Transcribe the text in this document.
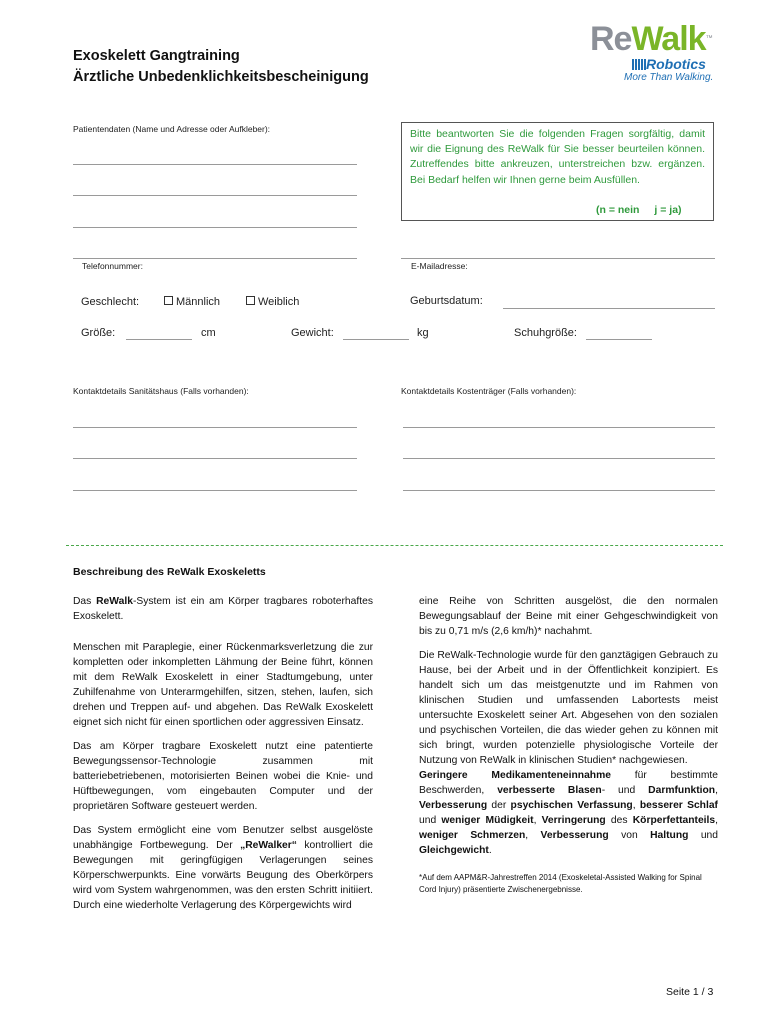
Exoskelett Gangtraining
Ärztliche Unbedenklichkeitsbescheinigung
ReWalk™
Robotics
More Than Walking.
Patientendaten (Name und Adresse oder Aufkleber):	Bitte beantworten Sie die folgenden Fragen sorgfältig, damit wir die Eignung des ReWalk für Sie besser beurteilen können. Zutreffendes bitte ankreuzen, unterstreichen bzw. ergänzen. Bei Bedarf helfen wir Ihnen gerne beim Ausfüllen.
(n = nein j = ja)
Telefonnummer:	E-Mailadresse:
Geschlecht:	Männlich	Weiblich	Geburtsdatum:
Größe:	cm	Gewicht:	kg	Schuhgröße:
Kontaktdetails Sanitätshaus (Falls vorhanden):	Kontaktdetails Kostenträger (Falls vorhanden):
Beschreibung des ReWalk Exoskeletts

Das ReWalk-System ist ein am Körper tragbares roboterhaftes Exoskelett.

Menschen mit Paraplegie, einer Rückenmarksverletzung die zur kompletten oder inkompletten Lähmung der Beine führt, können mit dem ReWalk Exoskelett in einer Stadtumgebung, unter Zuhilfenahme von Unterarmgehilfen, sitzen, stehen, laufen, sich drehen und Treppen auf- und abgehen. Das ReWalk Exoskelett eignet sich nicht für einen sportlichen oder aggressiven Einsatz.

Das am Körper tragbare Exoskelett nutzt eine patentierte Bewegungssensor-Technologie zusammen mit batteriebetriebenen, motorisierten Beinen wobei die Knie- und Hüftbewegungen, vom eingebauten Computer und der proprietären Software gesteuert werden.

Das System ermöglicht eine vom Benutzer selbst ausgelöste unabhängige Fortbewegung. Der „ReWalker“ kontrolliert die Bewegungen mit geringfügigen Verlagerungen seines Körperschwerpunkts. Eine vorwärts Beugung des Oberkörpers wird vom System wahrgenommen, was den ersten Schritt initiiert. Durch eine wiederholte Verlagerung des Körpergewichts wird

eine Reihe von Schritten ausgelöst, die den normalen Bewegungsablauf der Beine mit einer Gehgeschwindigkeit von bis zu 0,71 m/s (2,6 km/h)* nachahmt.

Die ReWalk-Technologie wurde für den ganztägigen Gebrauch zu Hause, bei der Arbeit und in der Öffentlichkeit konzipiert. Es handelt sich um das meistgenutzte und im Rahmen von klinischen Studien und umfassenden Labortests meist untersuchte Exoskelett seiner Art. Abgesehen von den sozialen und psychischen Vorteilen, die das wieder gehen zu können mit sich bringt, wurden potenzielle physiologische Vorteile der Nutzung von ReWalk in klinischen Studien* nachgewiesen.

Geringere Medikamenteneinnahme für bestimmte Beschwerden, verbesserte Blasen- und Darmfunktion, Verbesserung der psychischen Verfassung, besserer Schlaf und weniger Müdigkeit, Verringerung des Körperfettanteils, weniger Schmerzen, Verbesserung von Haltung und Gleichgewicht.

*Auf dem AAPM&R-Jahrestreffen 2014 (Exoskeletal-Assisted Walking for Spinal Cord Injury) präsentierte Zwischenergebnisse.
Seite 1 / 3
